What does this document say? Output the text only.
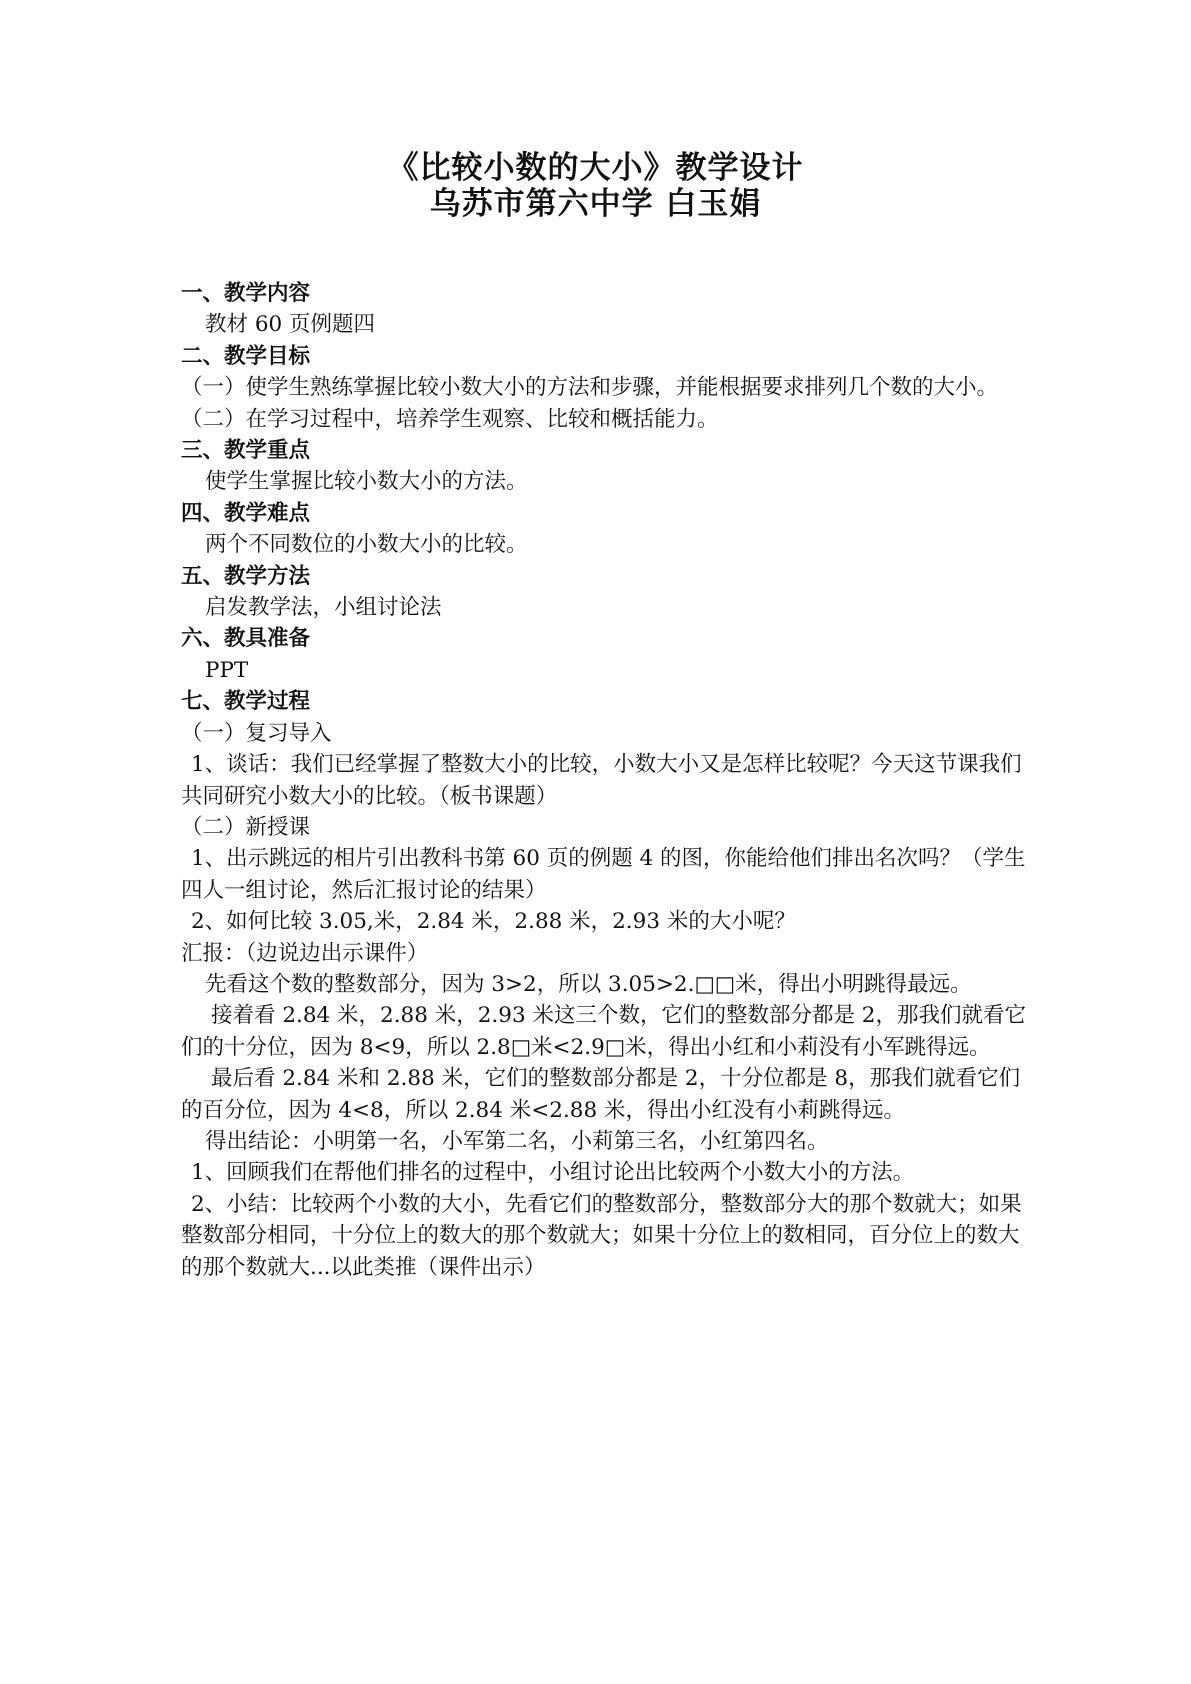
《比较小数的大小》教学设计

乌苏市第六中学 白玉娟

一、教学内容

教材 60 页例题四

二、教学目标

（一）使学生熟练掌握比较小数大小的方法和步骤，并能根据要求排列几个数的大小。

（二）在学习过程中，培养学生观察、比较和概括能力。

三、教学重点

使学生掌握比较小数大小的方法。

四、教学难点

两个不同数位的小数大小的比较。

五、教学方法

启发教学法，小组讨论法

六、教具准备

PPT

七、教学过程

（一）复习导入

1、谈话：我们已经掌握了整数大小的比较，小数大小又是怎样比较呢？今天这节课我们共同研究小数大小的比较。（板书课题）

（二）新授课

1、出示跳远的相片引出教科书第 60 页的例题 4 的图，你能给他们排出名次吗？（学生四人一组讨论，然后汇报讨论的结果）

2、如何比较 3.05,米，2.84 米，2.88 米，2.93 米的大小呢？

汇报：（边说边出示课件）

先看这个数的整数部分，因为 3>2，所以 3.05>2.□□米，得出小明跳得最远。

接着看 2.84 米，2.88 米，2.93 米这三个数，它们的整数部分都是 2，那我们就看它们的十分位，因为 8<9，所以 2.8□米<2.9□米，得出小红和小莉没有小军跳得远。

最后看 2.84 米和 2.88 米，它们的整数部分都是 2，十分位都是 8，那我们就看它们的百分位，因为 4<8，所以 2.84 米<2.88 米，得出小红没有小莉跳得远。

得出结论：小明第一名，小军第二名，小莉第三名，小红第四名。

1、回顾我们在帮他们排名的过程中，小组讨论出比较两个小数大小的方法。

2、小结：比较两个小数的大小，先看它们的整数部分，整数部分大的那个数就大；如果整数部分相同，十分位上的数大的那个数就大；如果十分位上的数相同，百分位上的数大的那个数就大...以此类推（课件出示）
